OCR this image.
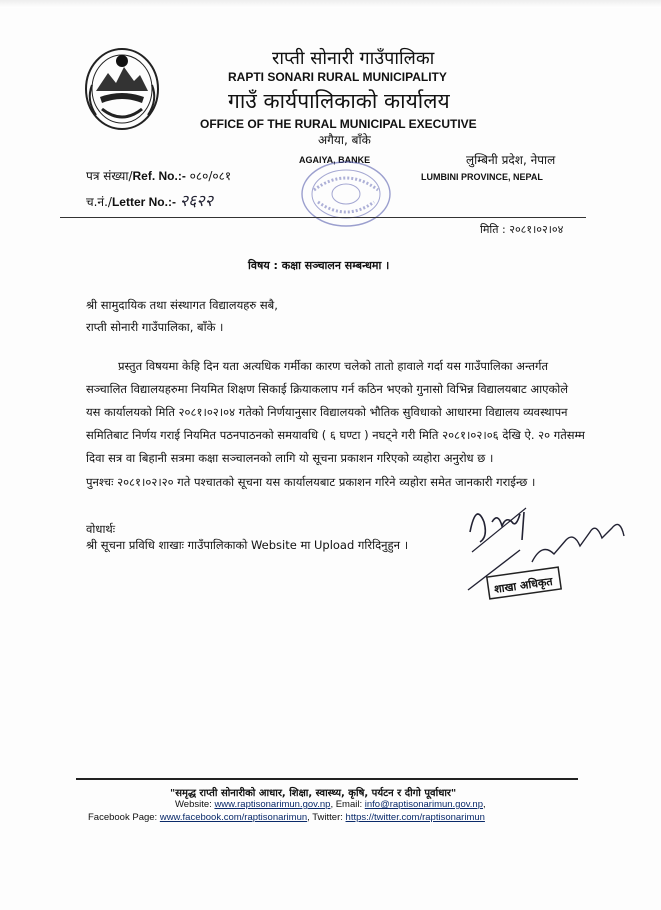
राप्ती सोनारी गाउँपालिका
RAPTI SONARI RURAL MUNICIPALITY
गाउँ कार्यपालिकाको कार्यालय
OFFICE OF THE RURAL MUNICIPAL EXECUTIVE
अगैया, बाँके
AGAIYA, BANKE	लुम्बिनी प्रदेश, नेपाल
LUMBINI PROVINCE, NEPAL
पत्र संख्या/Ref. No.:- ०८०/०८१
च.नं./Letter No.:- २६२२
मिति : २०८१।०२।०४
विषय : कक्षा सञ्चालन सम्बन्धमा ।
श्री सामुदायिक तथा संस्थागत विद्यालयहरु सबै,
राप्ती सोनारी गाउँपालिका, बाँके ।

प्रस्तुत विषयमा केहि दिन यता अत्यधिक गर्मीका कारण चलेको तातो हावाले गर्दा यस गाउँपालिका अन्तर्गत सञ्चालित विद्यालयहरुमा नियमित शिक्षण सिकाई क्रियाकलाप गर्न कठिन भएको गुनासो विभिन्न विद्यालयबाट आएकोले यस कार्यालयको मिति २०८१।०२।०४ गतेको निर्णयानुसार विद्यालयको भौतिक सुविधाको आधारमा विद्यालय व्यवस्थापन समितिबाट निर्णय गराई नियमित पठनपाठनको समयावधि ( ६ घण्टा ) नघट्ने गरी मिति २०८१।०२।०६ देखि ऐ. २० गतेसम्म दिवा सत्र वा बिहानी सत्रमा कक्षा सञ्चालनको लागि यो सूचना प्रकाशन गरिएको व्यहोरा अनुरोध छ ।

पुनश्चः २०८१।०२।२० गते पश्चातको सूचना यस कार्यालयबाट प्रकाशन गरिने व्यहोरा समेत जानकारी गराईन्छ ।
वोधार्थः
श्री सूचना प्रविधि शाखाः गाउँपालिकाको Website मा Upload गरिदिनुहुन ।
शाखा अधिकृत
"समृद्ध राप्ती सोनारीको आधार, शिक्षा, स्वास्थ्य, कृषि, पर्यटन र दीगो पूर्वाधार"
Website: www.raptisonarimun.gov.np, Email: info@raptisonarimun.gov.np,
Facebook Page: www.facebook.com/raptisonarimun, Twitter: https://twitter.com/raptisonarimun
